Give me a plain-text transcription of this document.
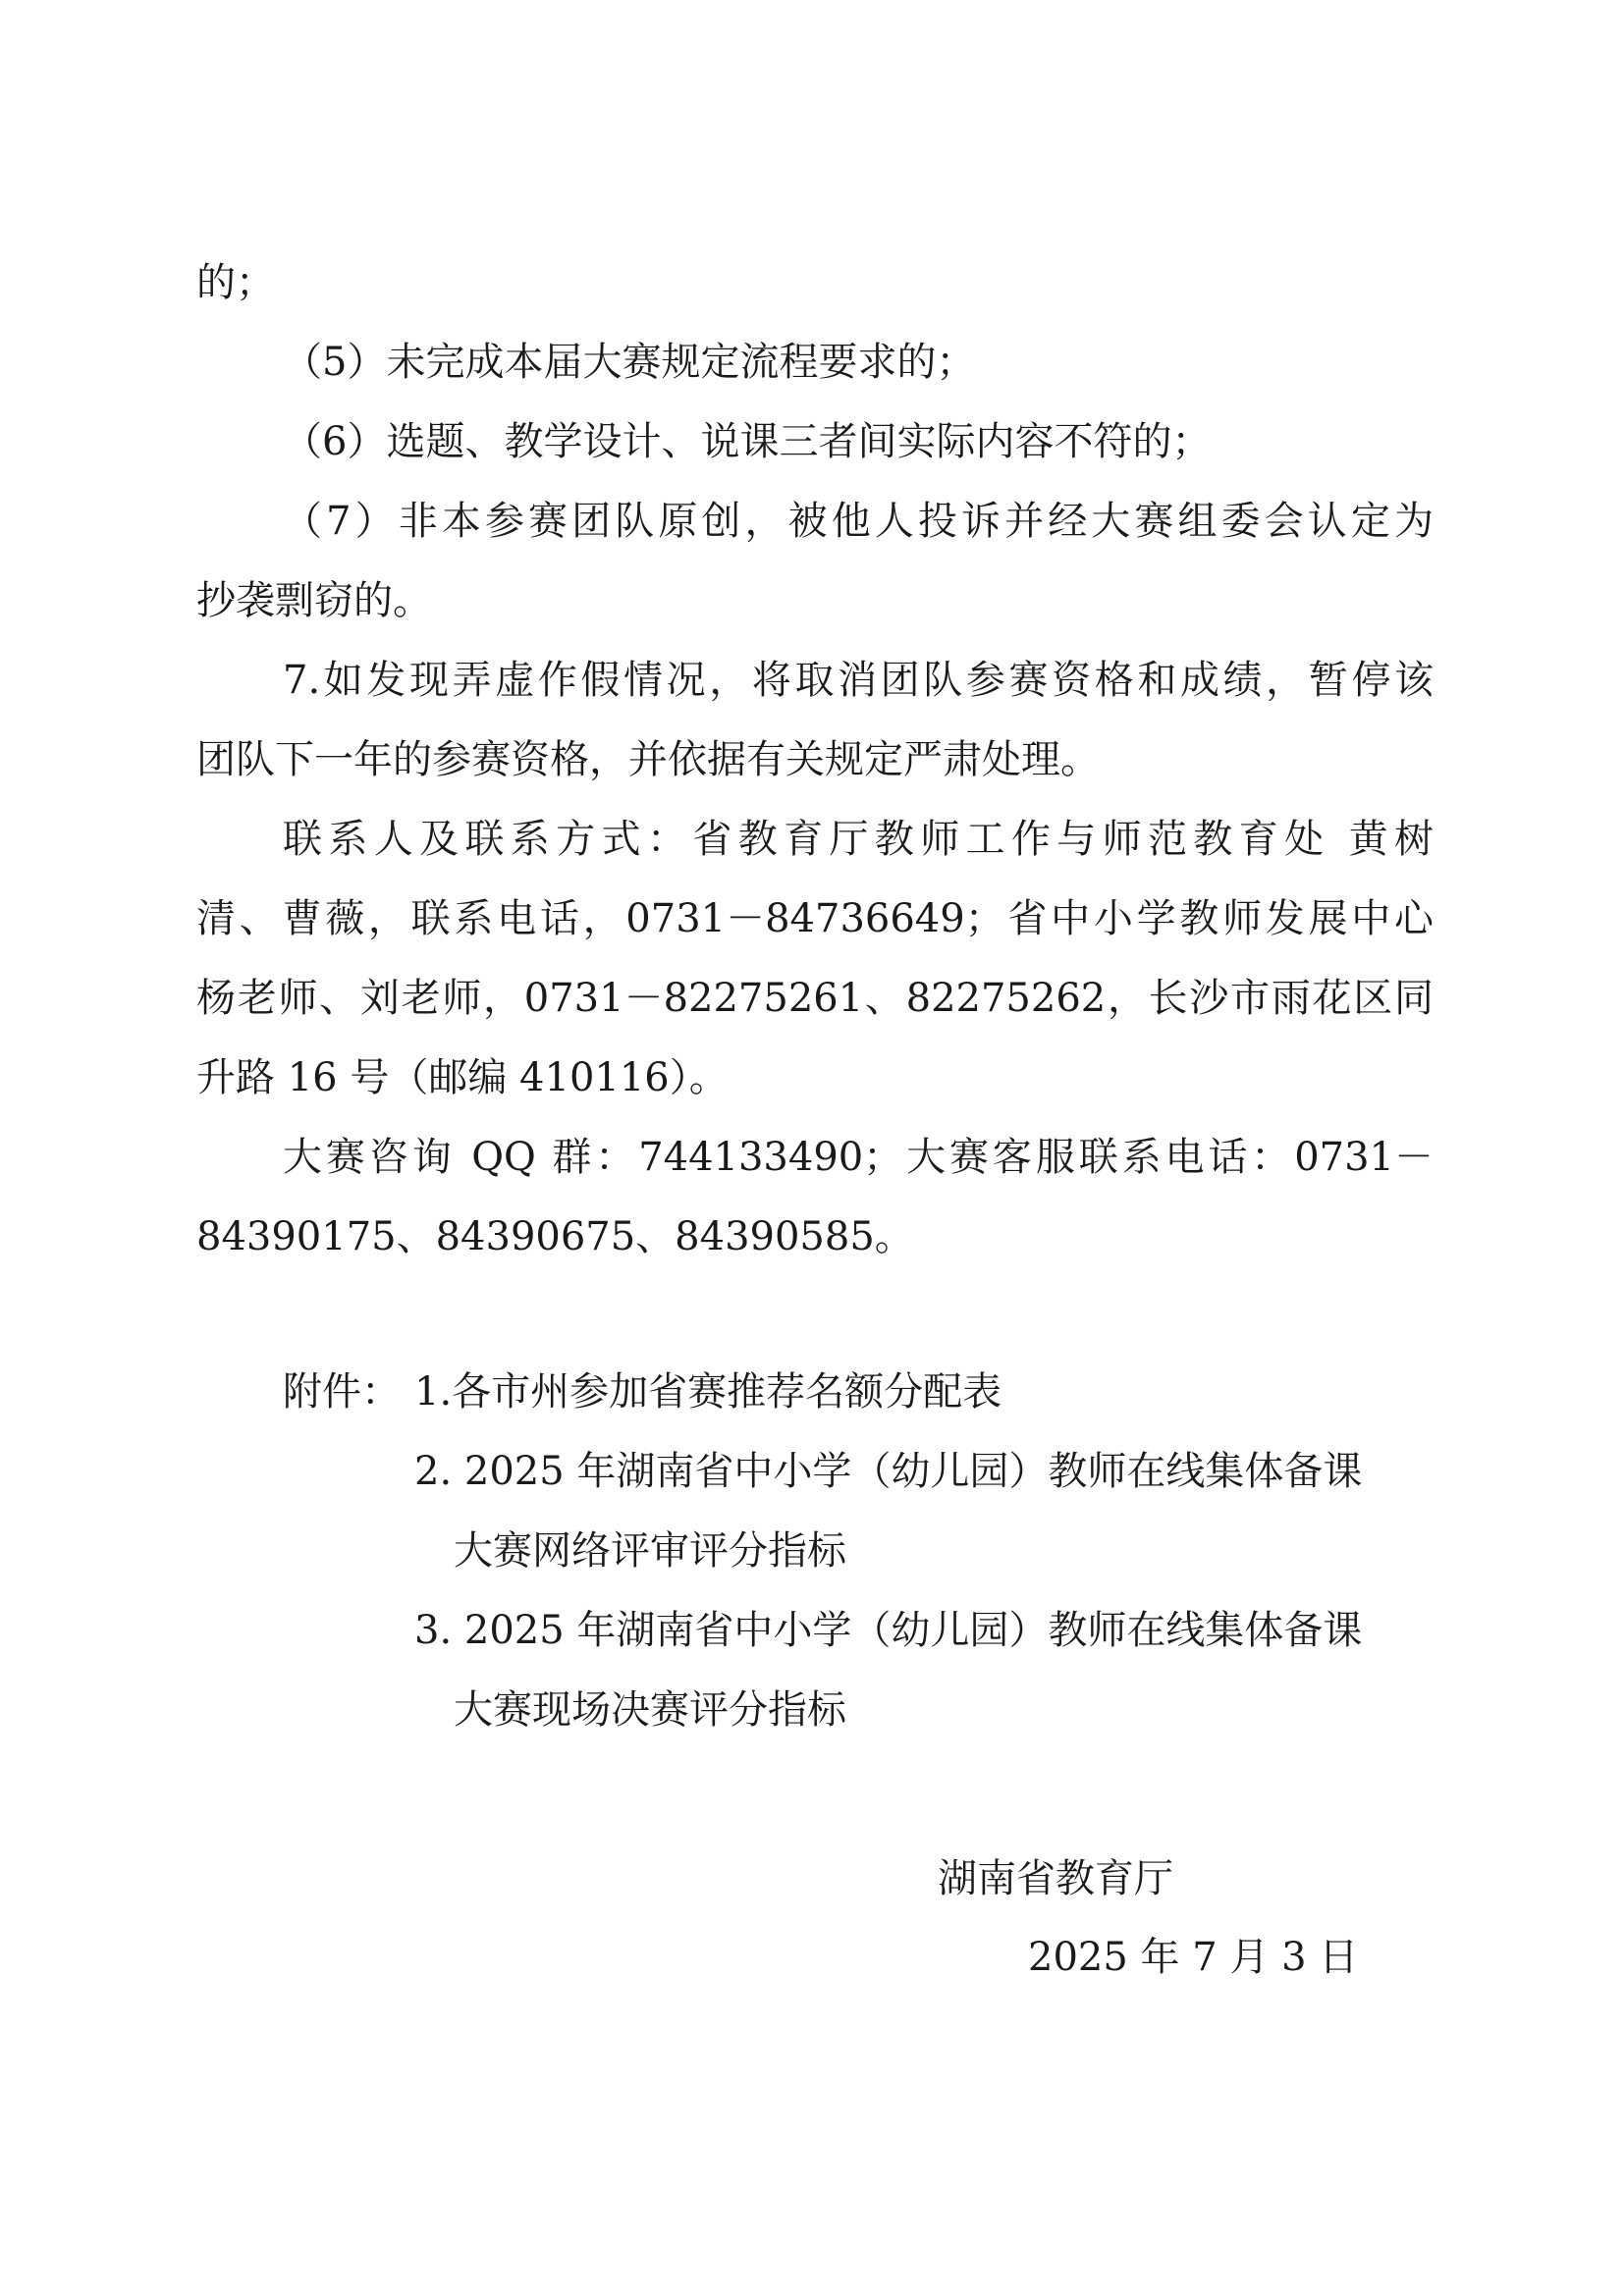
的；
（5）未完成本届大赛规定流程要求的；
（6）选题、教学设计、说课三者间实际内容不符的；
（7）非本参赛团队原创，被他人投诉并经大赛组委会认定为
抄袭剽窃的。
7.如发现弄虚作假情况，将取消团队参赛资格和成绩，暂停该
团队下一年的参赛资格，并依据有关规定严肃处理。
联系人及联系方式：省教育厅教师工作与师范教育处 黄树
清、曹薇，联系电话，0731－84736649；省中小学教师发展中心
杨老师、刘老师，0731－82275261、82275262，长沙市雨花区同
升路 16 号（邮编 410116）。
大赛咨询 QQ 群：744133490；大赛客服联系电话：0731－
84390175、84390675、84390585。
附件： 1.各市州参加省赛推荐名额分配表
2. 2025 年湖南省中小学（幼儿园）教师在线集体备课
大赛网络评审评分指标
3. 2025 年湖南省中小学（幼儿园）教师在线集体备课
大赛现场决赛评分指标
湖南省教育厅
2025 年 7 月 3 日
